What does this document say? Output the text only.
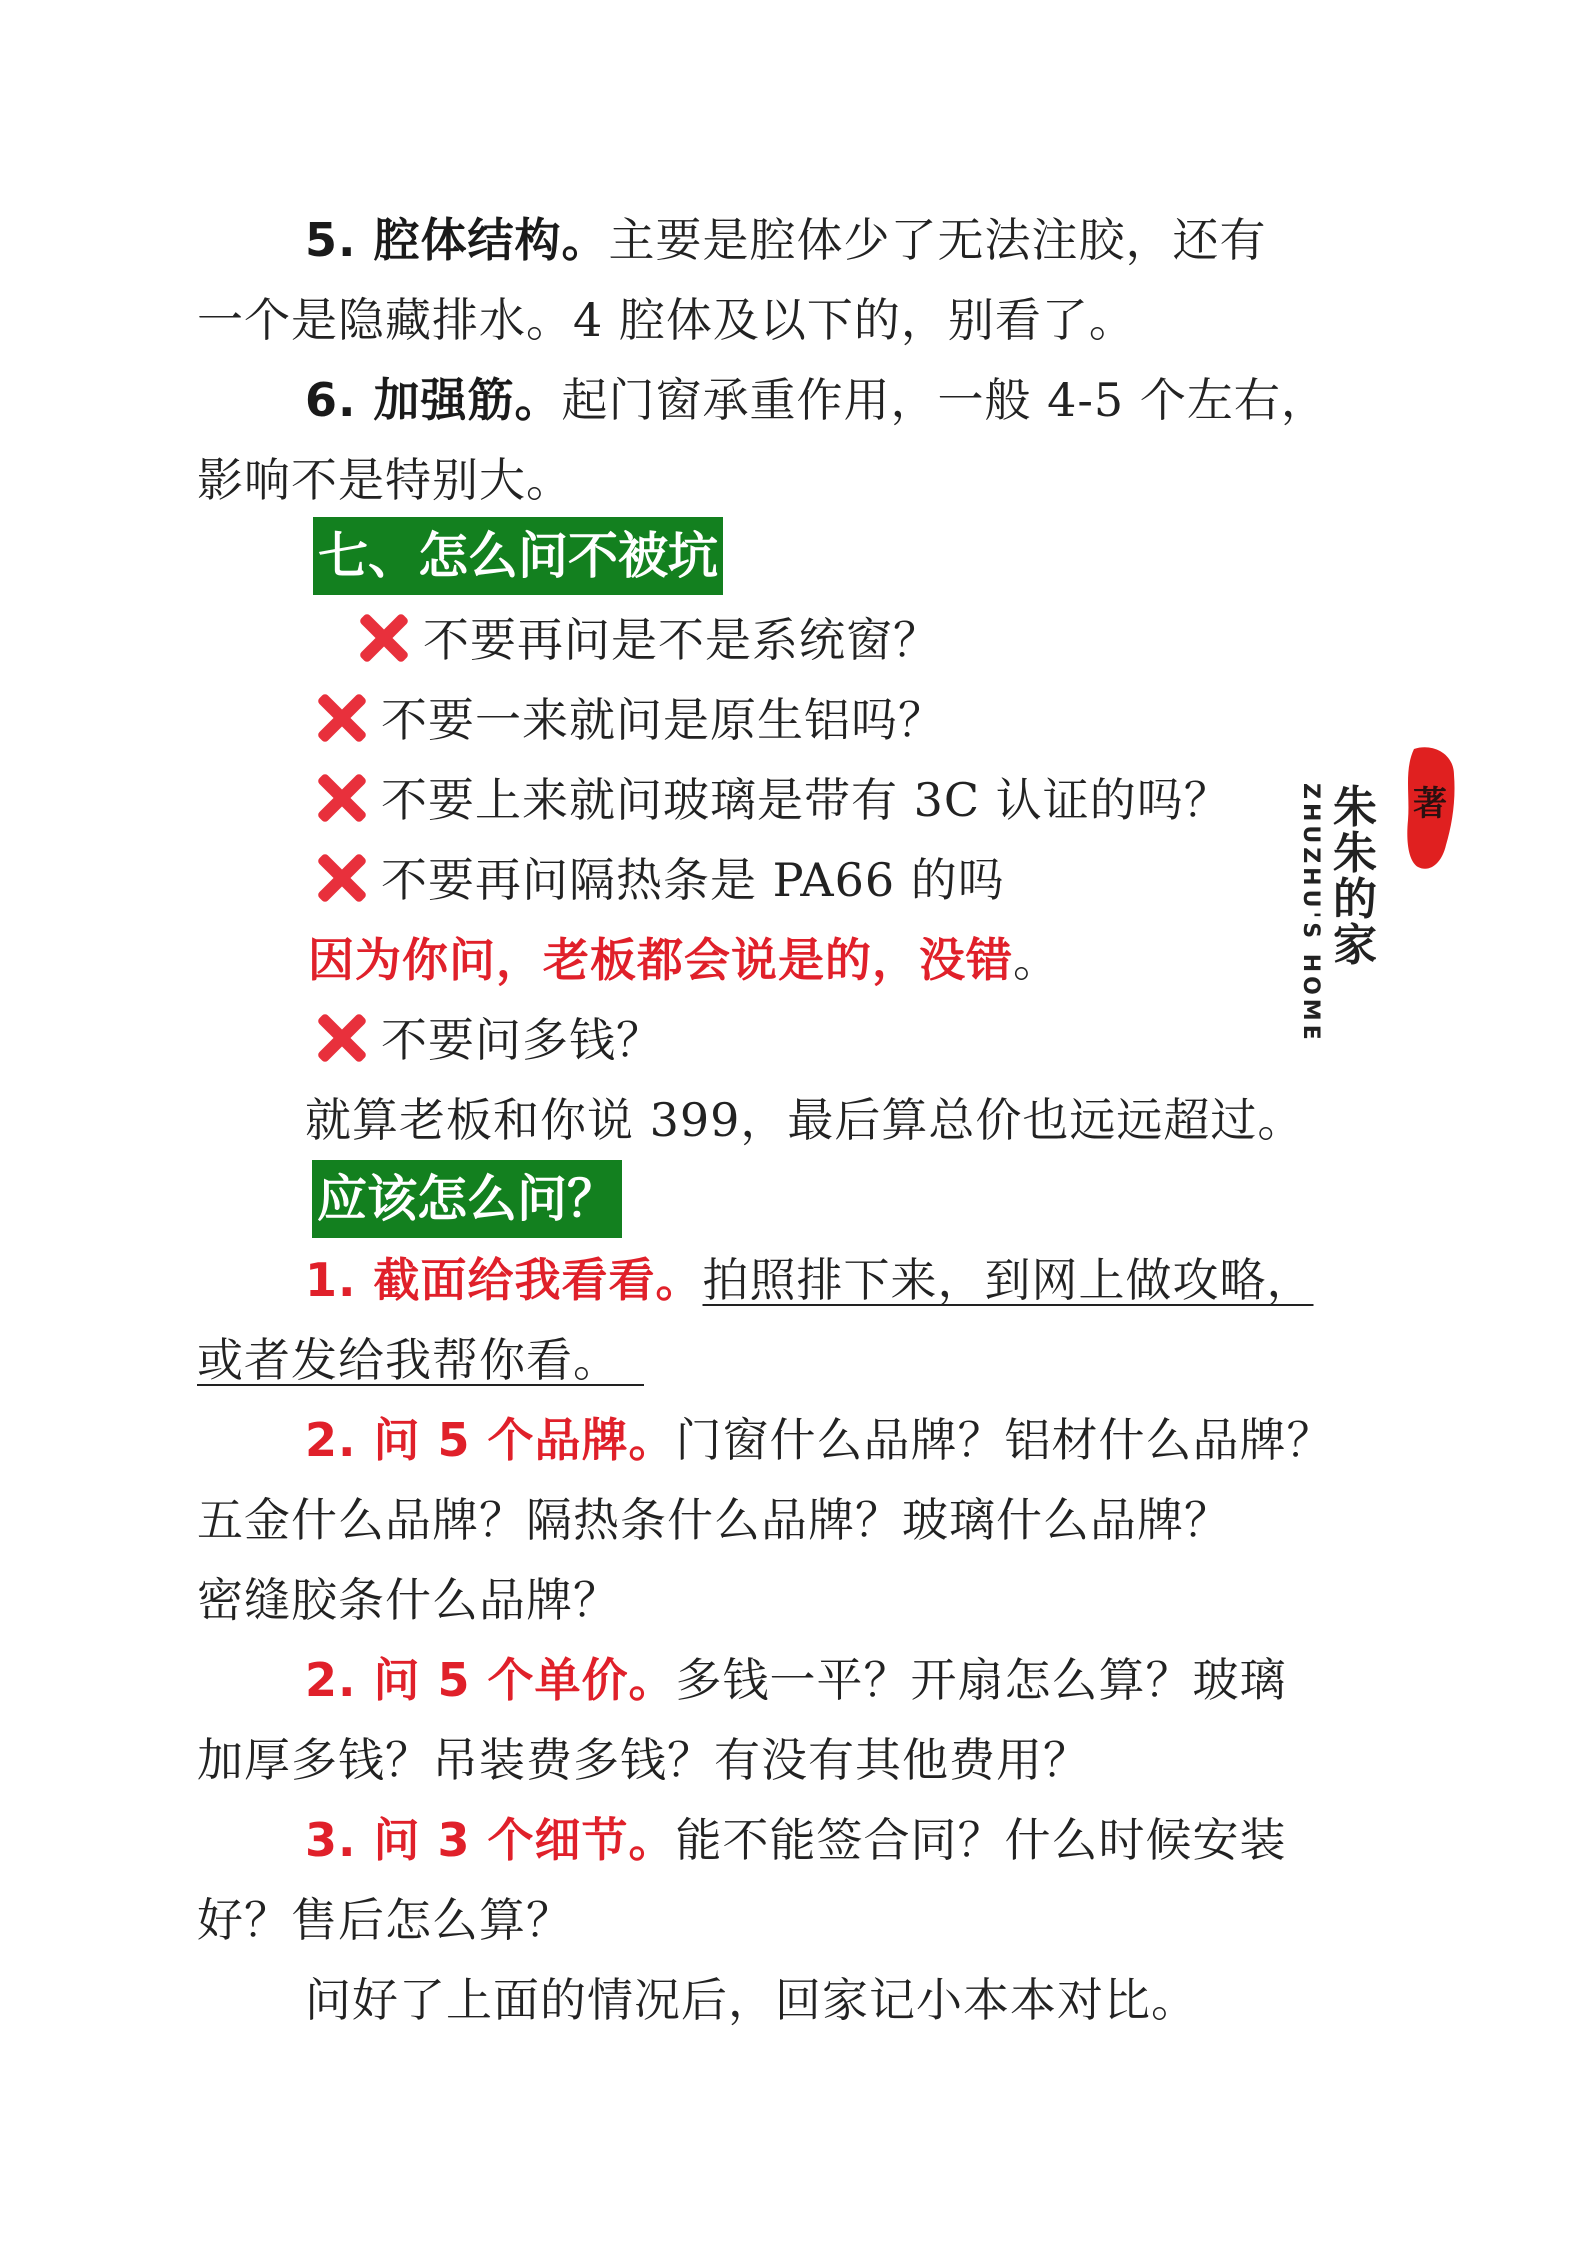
5. 腔体结构。主要是腔体少了无法注胶，还有
一个是隐藏排水。4 腔体及以下的，别看了。
6. 加强筋。起门窗承重作用，一般 4-5 个左右，
影响不是特别大。
七、怎么问不被坑
不要再问是不是系统窗？
不要一来就问是原生铝吗？
不要上来就问玻璃是带有 3C 认证的吗？
不要再问隔热条是 PA66 的吗
因为你问，老板都会说是的，没错。
不要问多钱？
就算老板和你说 399，最后算总价也远远超过。
应该怎么问？
1. 截面给我看看。拍照排下来，到网上做攻略，
或者发给我帮你看。　
2. 问 5 个品牌。门窗什么品牌？铝材什么品牌？
五金什么品牌？隔热条什么品牌？玻璃什么品牌？
密缝胶条什么品牌？
2. 问 5 个单价。多钱一平？开扇怎么算？玻璃
加厚多钱？吊装费多钱？有没有其他费用？
3. 问 3 个细节。能不能签合同？什么时候安装
好？售后怎么算？
问好了上面的情况后，回家记小本本对比。
ZHUZHU'S HOME 朱朱的家
著
